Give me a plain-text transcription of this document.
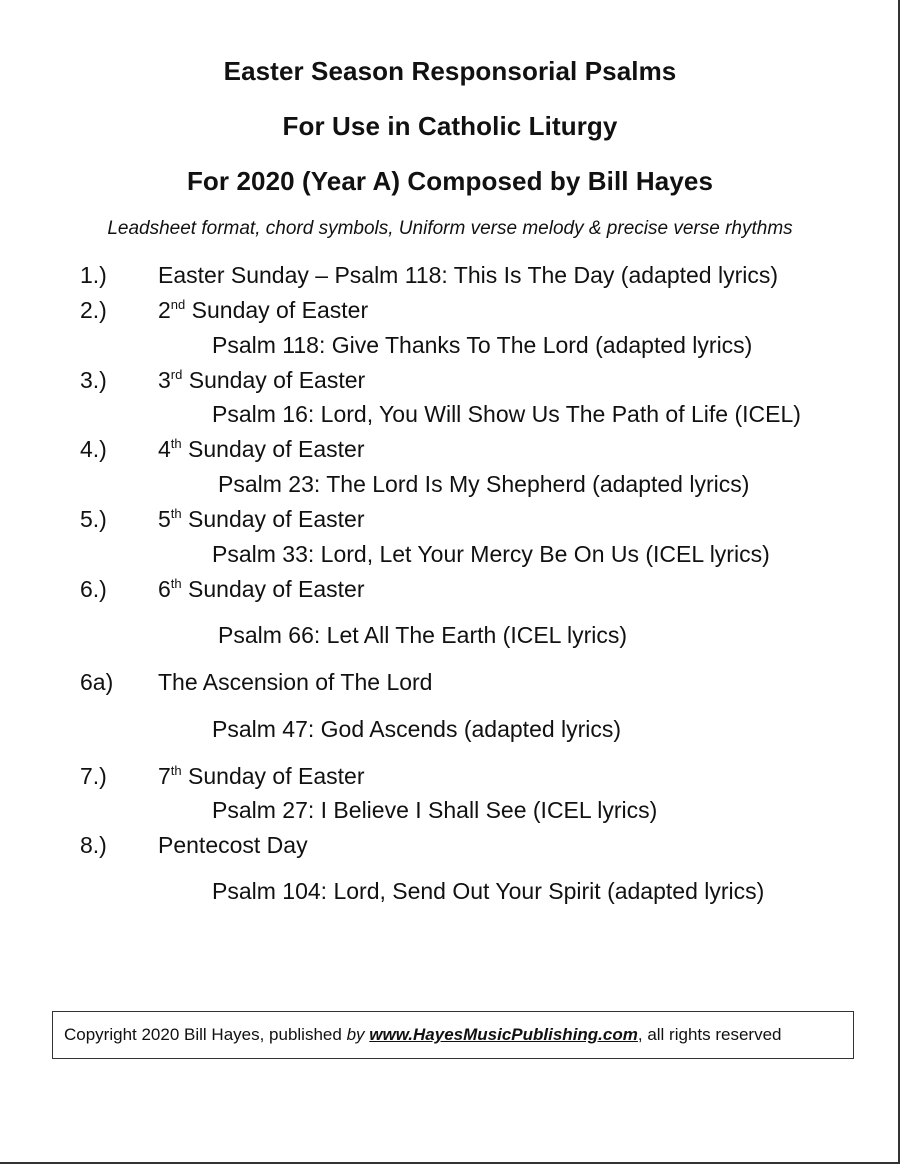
Easter Season Responsorial Psalms
For Use in Catholic Liturgy
For 2020 (Year A) Composed by Bill Hayes
Leadsheet format, chord symbols, Uniform verse melody & precise verse rhythms
1.) Easter Sunday – Psalm 118: This Is The Day (adapted lyrics)
2.) 2nd Sunday of Easter
Psalm 118: Give Thanks To The Lord (adapted lyrics)
3.) 3rd Sunday of Easter
Psalm 16: Lord, You Will Show Us The Path of Life (ICEL)
4.) 4th Sunday of Easter
Psalm 23: The Lord Is My Shepherd (adapted lyrics)
5.) 5th Sunday of Easter
Psalm 33: Lord, Let Your Mercy Be On Us (ICEL lyrics)
6.) 6th Sunday of Easter
Psalm 66: Let All The Earth (ICEL lyrics)
6a) The Ascension of The Lord
Psalm 47: God Ascends (adapted lyrics)
7.) 7th Sunday of Easter
Psalm 27: I Believe I Shall See (ICEL lyrics)
8.) Pentecost Day
Psalm 104: Lord, Send Out Your Spirit (adapted lyrics)
Copyright 2020 Bill Hayes, published by www.HayesMusicPublishing.com, all rights reserved
